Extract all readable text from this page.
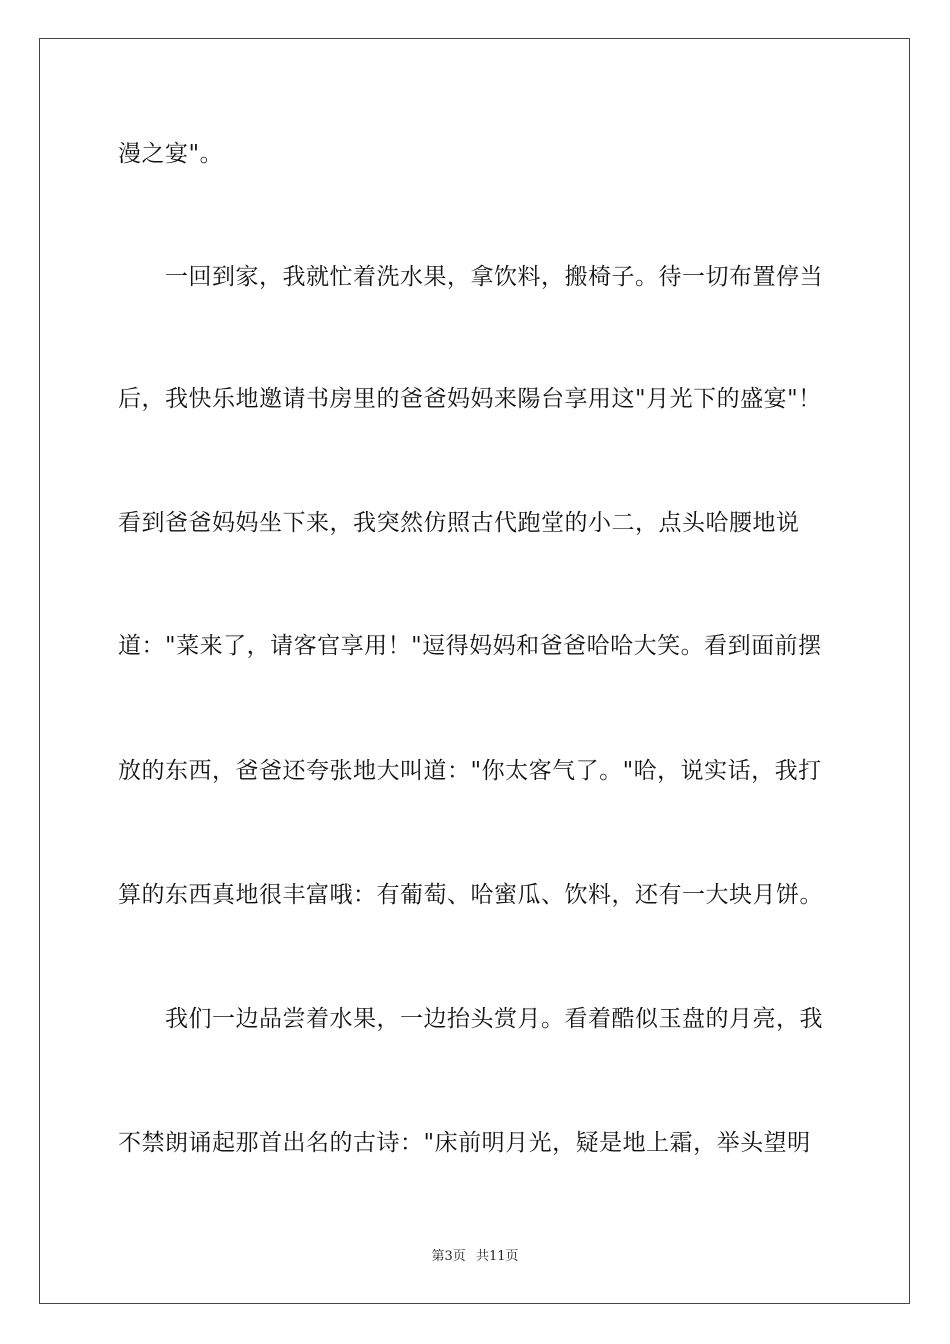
漫之宴"。
一回到家，我就忙着洗水果，拿饮料，搬椅子。待一切布置停当
后，我快乐地邀请书房里的爸爸妈妈来陽台享用这"月光下的盛宴"！
看到爸爸妈妈坐下来，我突然仿照古代跑堂的小二，点头哈腰地说
道："菜来了，请客官享用！"逗得妈妈和爸爸哈哈大笑。看到面前摆
放的东西，爸爸还夸张地大叫道："你太客气了。"哈，说实话，我打
算的东西真地很丰富哦：有葡萄、哈蜜瓜、饮料，还有一大块月饼。
我们一边品尝着水果，一边抬头赏月。看着酷似玉盘的月亮，我
不禁朗诵起那首出名的古诗："床前明月光，疑是地上霜，举头望明
第3页 共11页
